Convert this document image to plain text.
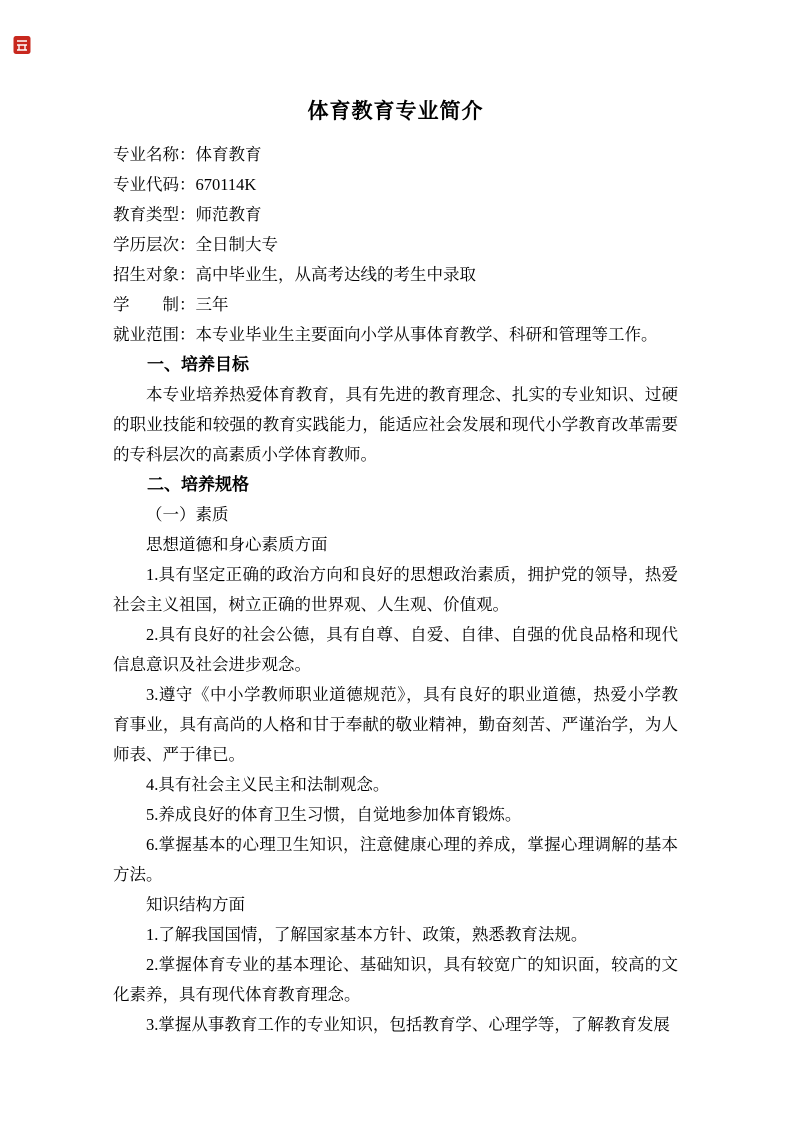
体育教育专业简介

专业名称：体育教育

专业代码：670114K

教育类型：师范教育

学历层次：全日制大专

招生对象：高中毕业生，从高考达线的考生中录取

学　　制：三年

就业范围：本专业毕业生主要面向小学从事体育教学、科研和管理等工作。

一、培养目标

本专业培养热爱体育教育，具有先进的教育理念、扎实的专业知识、过硬的职业技能和较强的教育实践能力，能适应社会发展和现代小学教育改革需要的专科层次的高素质小学体育教师。

二、培养规格

（一）素质

思想道德和身心素质方面

1.具有坚定正确的政治方向和良好的思想政治素质，拥护党的领导，热爱社会主义祖国，树立正确的世界观、人生观、价值观。

2.具有良好的社会公德，具有自尊、自爱、自律、自强的优良品格和现代信息意识及社会进步观念。

3.遵守《中小学教师职业道德规范》，具有良好的职业道德，热爱小学教育事业，具有高尚的人格和甘于奉献的敬业精神，勤奋刻苦、严谨治学，为人师表、严于律已。

4.具有社会主义民主和法制观念。

5.养成良好的体育卫生习惯，自觉地参加体育锻炼。

6.掌握基本的心理卫生知识，注意健康心理的养成，掌握心理调解的基本方法。

知识结构方面

1.了解我国国情，了解国家基本方针、政策，熟悉教育法规。

2.掌握体育专业的基本理论、基础知识，具有较宽广的知识面，较高的文化素养，具有现代体育教育理念。

3.掌握从事教育工作的专业知识，包括教育学、心理学等，了解教育发展
